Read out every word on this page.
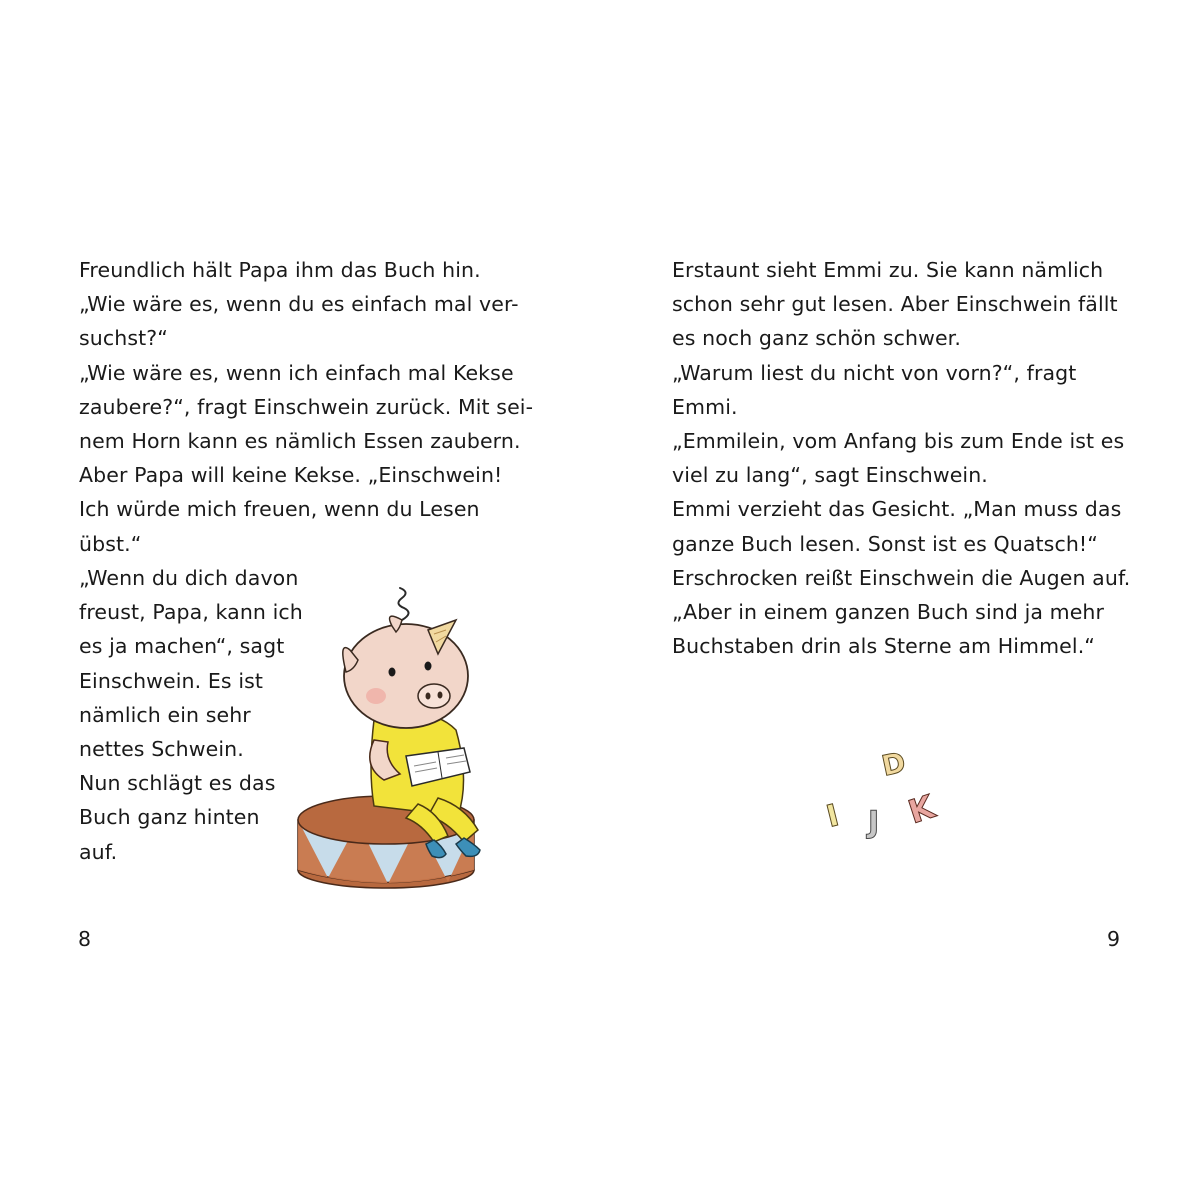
Freundlich hält Papa ihm das Buch hin.
„Wie wäre es, wenn du es einfach mal ver-
suchst?“
„Wie wäre es, wenn ich einfach mal Kekse
zaubere?“, fragt Einschwein zurück. Mit sei-
nem Horn kann es nämlich Essen zaubern.
Aber Papa will keine Kekse. „Einschwein!
Ich würde mich freuen, wenn du Lesen
übst.“
„Wenn du dich davon
freust, Papa, kann ich
es ja machen“, sagt
Einschwein. Es ist
nämlich ein sehr
nettes Schwein.
Nun schlägt es das
Buch ganz hinten
auf.
8
Erstaunt sieht Emmi zu. Sie kann nämlich
schon sehr gut lesen. Aber Einschwein fällt
es noch ganz schön schwer.
„Warum liest du nicht von vorn?“, fragt
Emmi.
„Emmilein, vom Anfang bis zum Ende ist es
viel zu lang“, sagt Einschwein.
Emmi verzieht das Gesicht. „Man muss das
ganze Buch lesen. Sonst ist es Quatsch!“
Erschrocken reißt Einschwein die Augen auf.
„Aber in einem ganzen Buch sind ja mehr
Buchstaben drin als Sterne am Himmel.“
D
I J K
9
